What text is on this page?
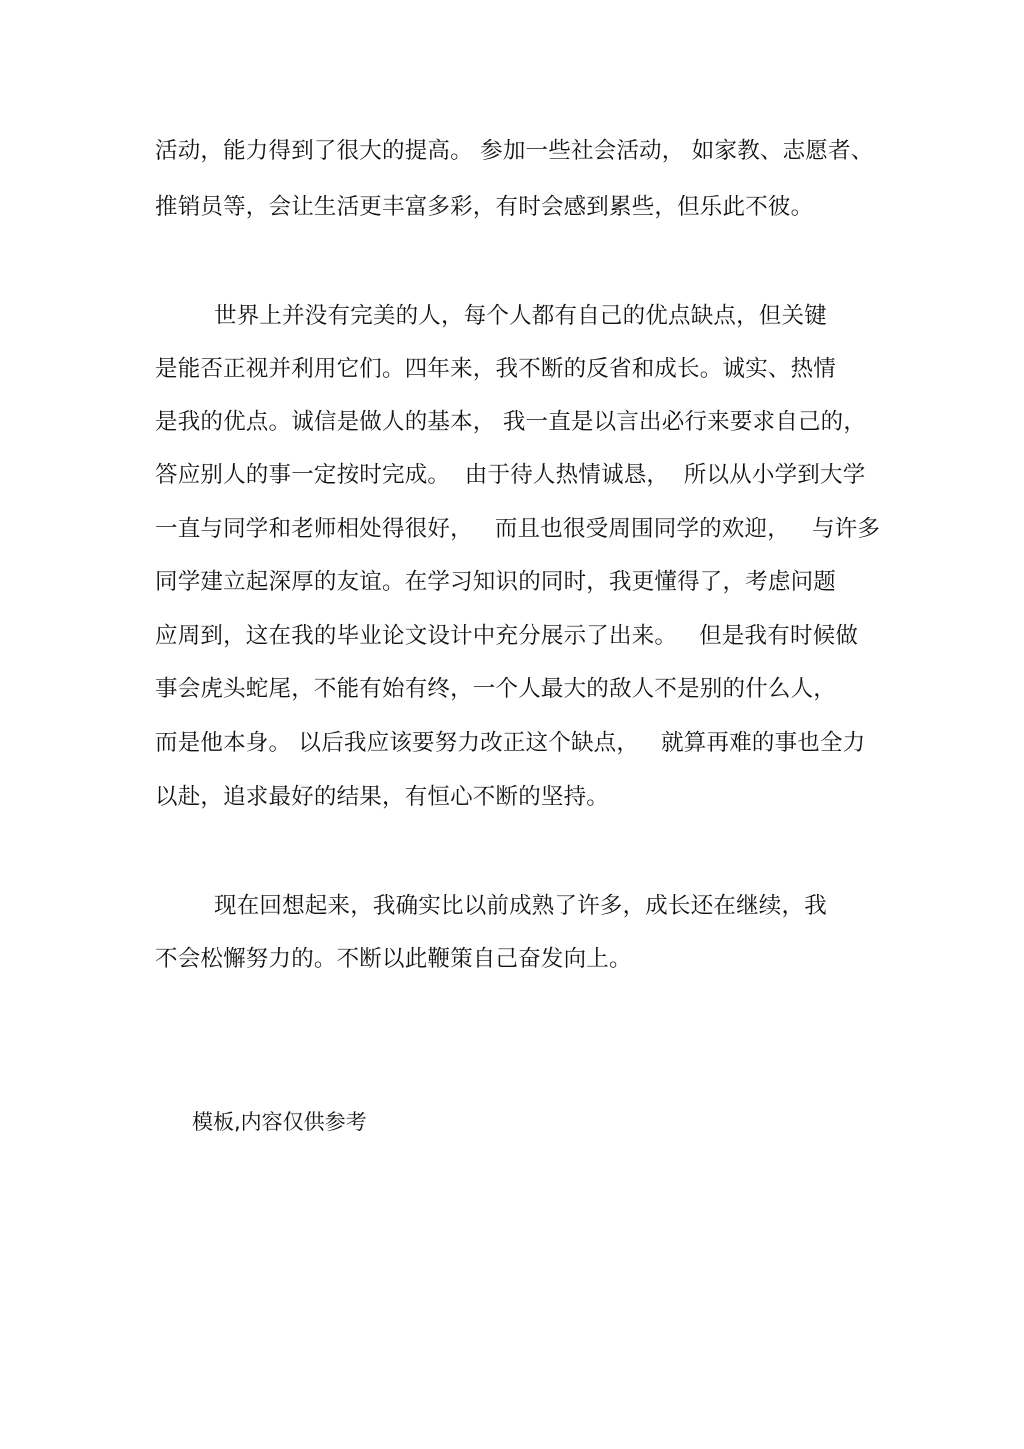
活动，能力得到了很大的提高。 参加一些社会活动， 如家教、志愿者、
推销员等，会让生活更丰富多彩，有时会感到累些，但乐此不彼。
世界上并没有完美的人，每个人都有自己的优点缺点，但关键
是能否正视并利用它们。四年来，我不断的反省和成长。诚实、热情
是我的优点。诚信是做人的基本， 我一直是以言出必行来要求自己的，
答应别人的事一定按时完成。  由于待人热情诚恳，  所以从小学到大学
一直与同学和老师相处得很好，   而且也很受周围同学的欢迎，   与许多
同学建立起深厚的友谊。在学习知识的同时，我更懂得了，考虑问题
应周到，这在我的毕业论文设计中充分展示了出来。   但是我有时候做
事会虎头蛇尾，不能有始有终，一个人最大的敌人不是别的什么人，
而是他本身。 以后我应该要努力改正这个缺点，   就算再难的事也全力
以赴，追求最好的结果，有恒心不断的坚持。
现在回想起来，我确实比以前成熟了许多，成长还在继续，我
不会松懈努力的。不断以此鞭策自己奋发向上。
模板,内容仅供参考
